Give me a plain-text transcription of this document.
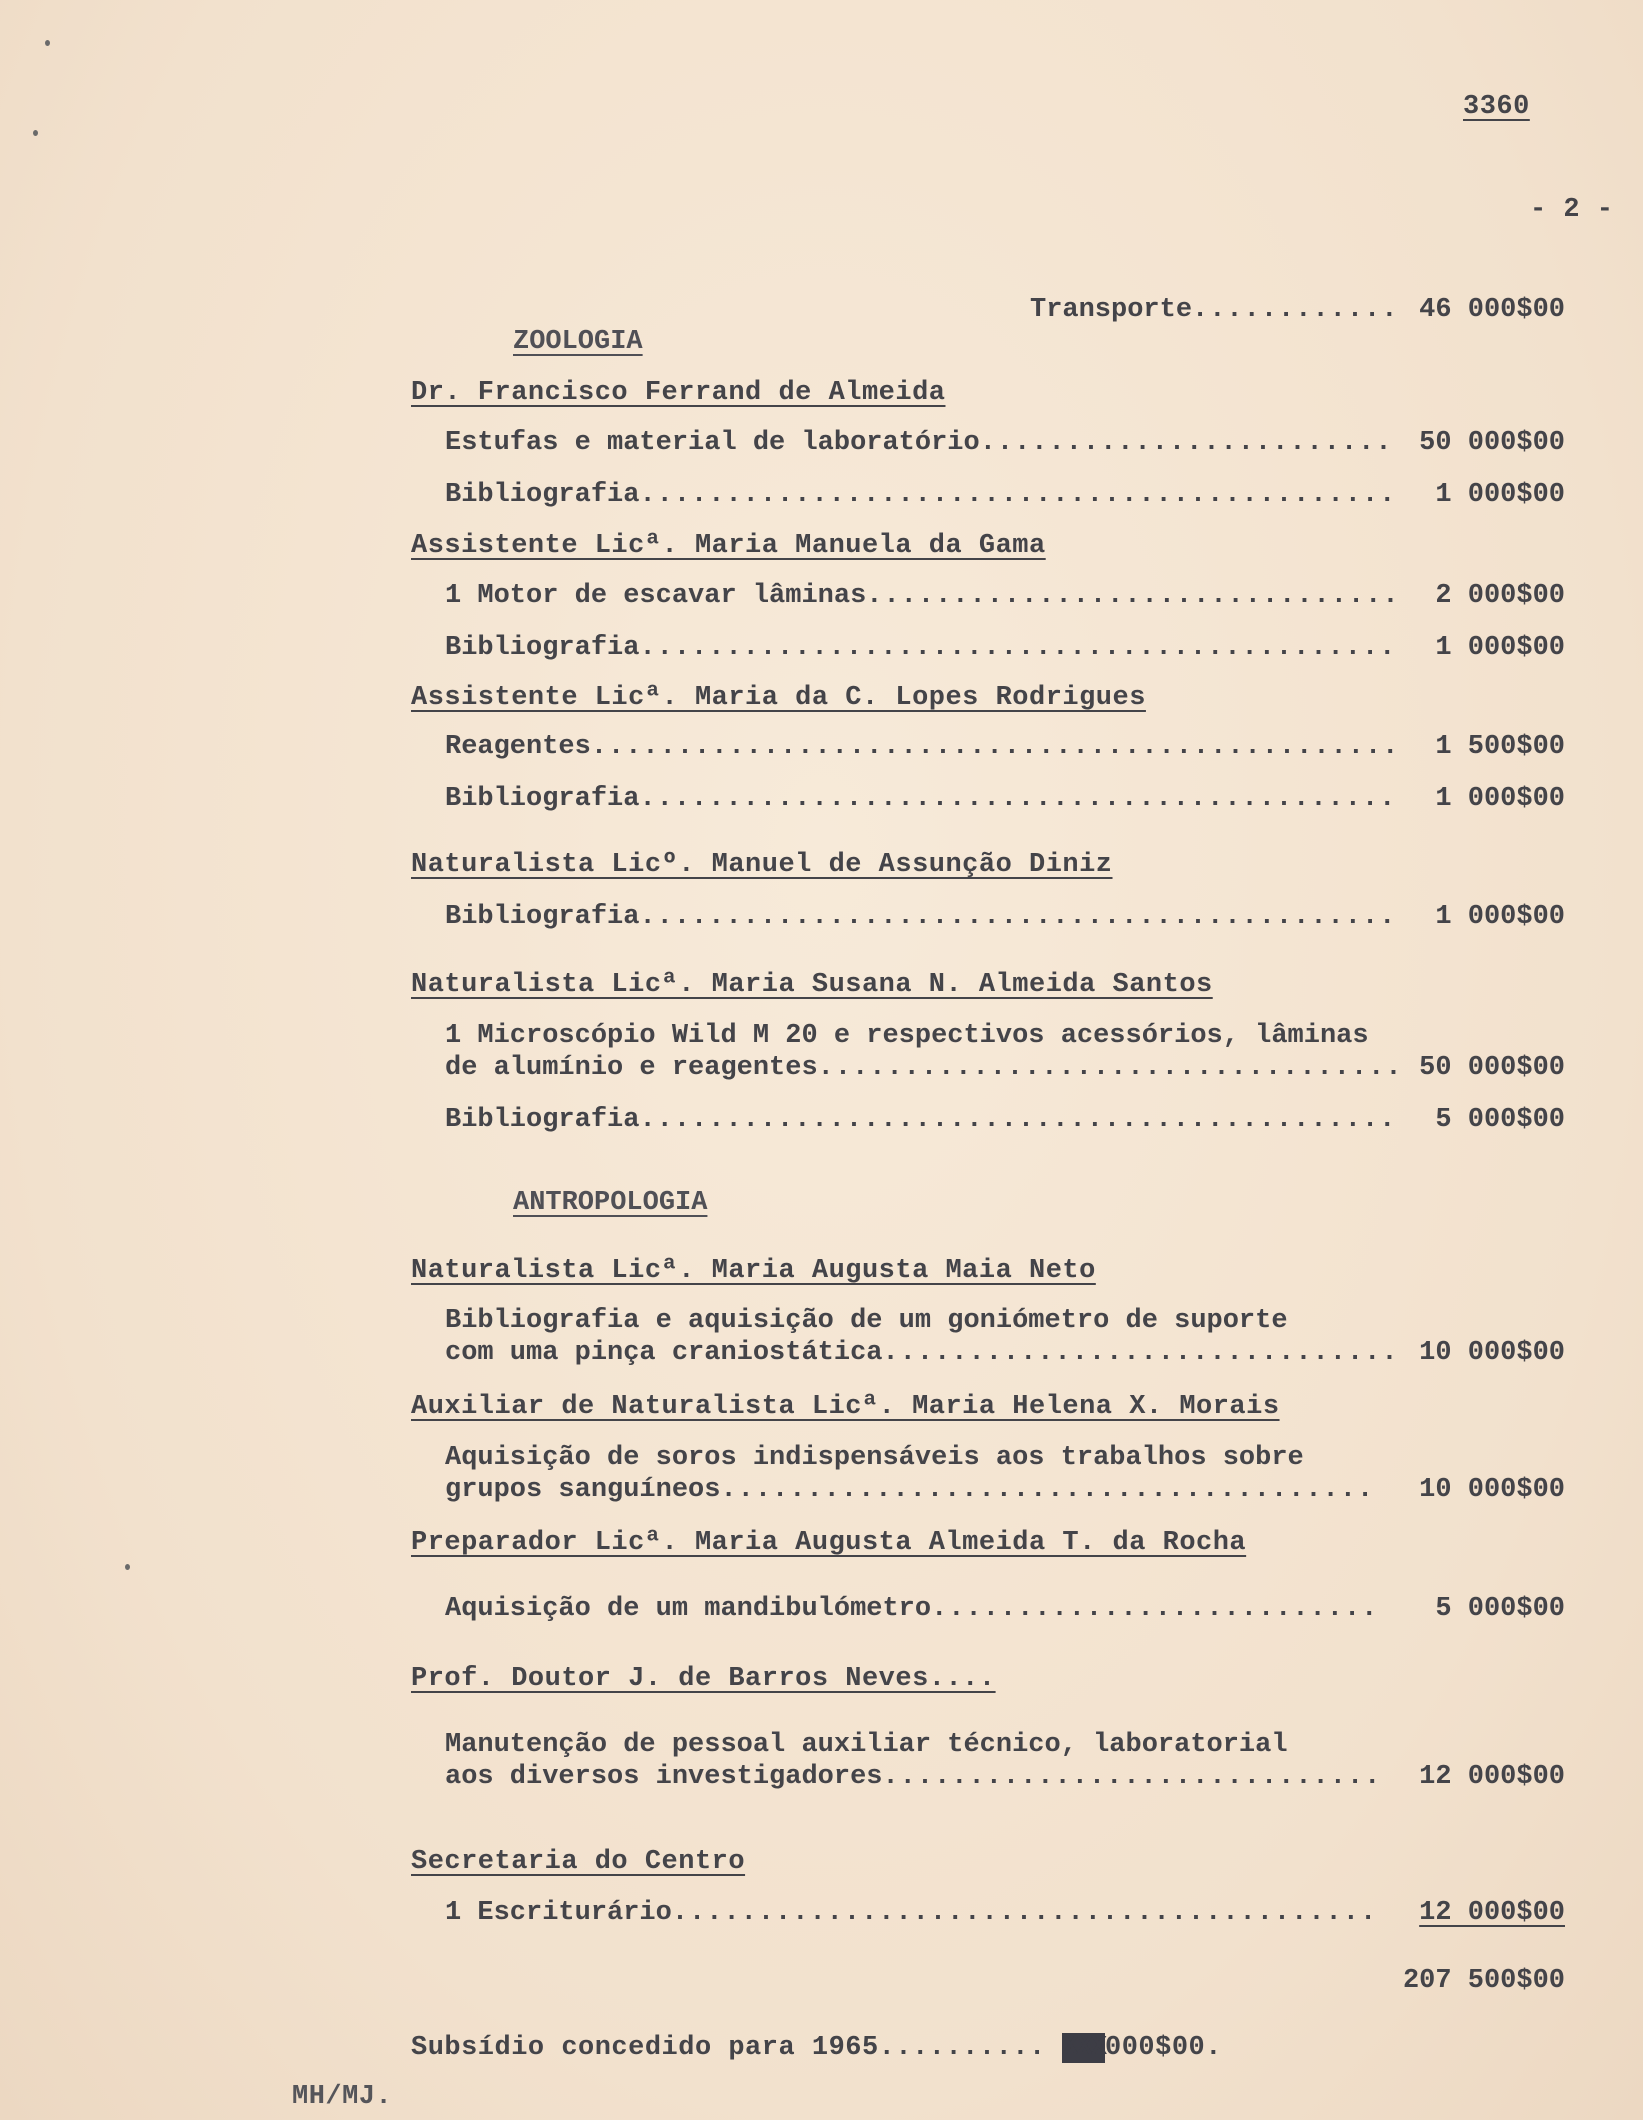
3360
- 2 -
Transporte .....	46 000$00
ZOOLOGIA
Dr. Francisco Ferrand de Almeida
Estufas e material de laboratório .....	50 000$00
Bibliografia .....	1 000$00
Assistente Licª. Maria Manuela da Gama
1 Motor de escavar lâminas .....	2 000$00
Bibliografia .....	1 000$00
Assistente Licª. Maria da C. Lopes Rodrigues
Reagentes .....	1 500$00
Bibliografia .....	1 000$00
Naturalista Licº. Manuel de Assunção Diniz
Bibliografia .....	1 000$00
Naturalista Licª. Maria Susana N. Almeida Santos
1 Microscópio Wild M 20 e respectivos acessórios, lâminas
de alumínio e reagentes .....	50 000$00
Bibliografia .....	5 000$00
ANTROPOLOGIA
Naturalista Licª. Maria Augusta Maia Neto
Bibliografia e aquisição de um goniómetro de suporte
com uma pinça craniostática .....	10 000$00
Auxiliar de Naturalista Licª. Maria Helena X. Morais
Aquisição de soros indispensáveis aos trabalhos sobre
grupos sanguíneos .....	10 000$00
Preparador Licª. Maria Augusta Almeida T. da Rocha
Aquisição de um mandibulómetro .....	5 000$00
Prof. Doutor J. de Barros Neves....
Manutenção de pessoal auxiliar técnico, laboratorial
aos diversos investigadores .....	12 000$00
Secretaria do Centro
1 Escriturário .....	12 000$00
207 500$00
Subsídio concedido para 1965.......... XXX000$00.
MH/MJ.
